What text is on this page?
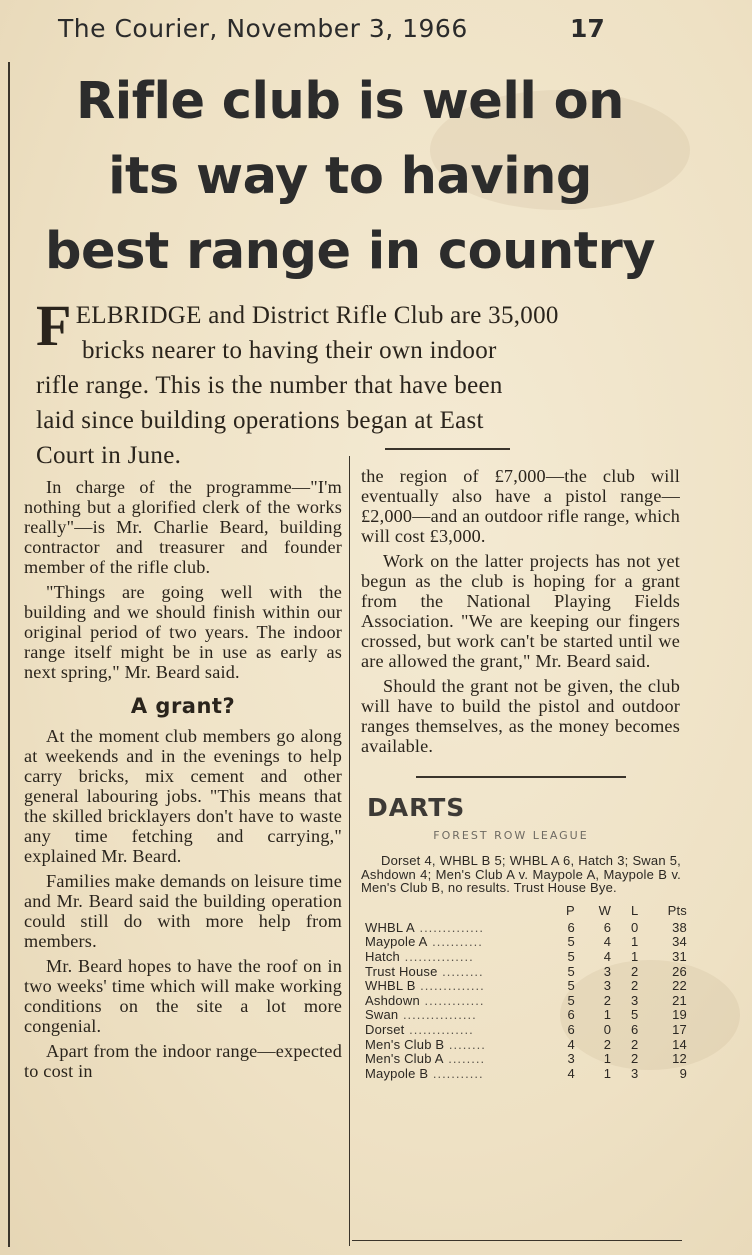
The Courier, November 3, 1966	17
Rifle club is well on
its way to having
best range in country
F ELBRIDGE and District Rifle Club are 35,000
bricks nearer to having their own indoor
rifle range. This is the number that have been
laid since building operations began at East
Court in June.

In charge of the programme—"I'm nothing but a glorified clerk of the works really"—is Mr. Charlie Beard, building contractor and treasurer and founder member of the rifle club.

"Things are going well with the building and we should finish within our original period of two years. The indoor range itself might be in use as early as next spring," Mr. Beard said.

A grant?

At the moment club members go along at weekends and in the evenings to help carry bricks, mix cement and other general labouring jobs. "This means that the skilled bricklayers don't have to waste any time fetching and carrying," explained Mr. Beard.

Families make demands on leisure time and Mr. Beard said the building operation could still do with more help from members.

Mr. Beard hopes to have the roof on in two weeks' time which will make working conditions on the site a lot more congenial.

Apart from the indoor range—expected to cost in

the region of £7,000—the club will eventually also have a pistol range—£2,000—and an outdoor rifle range, which will cost £3,000.

Work on the latter projects has not yet begun as the club is hoping for a grant from the National Playing Fields Association. "We are keeping our fingers crossed, but work can't be started until we are allowed the grant," Mr. Beard said.

Should the grant not be given, the club will have to build the pistol and outdoor ranges themselves, as the money becomes available.

DARTS
FOREST ROW LEAGUE
Dorset 4, WHBL B 5; WHBL A 6, Hatch 3; Swan 5, Ashdown 4; Men's Club A v. Maypole A, Maypole B v. Men's Club B, no results. Trust House Bye.
	P	W	L	Pts
WHBL A ..............	6	6	0	38
Maypole A ...........	5	4	1	34
Hatch ...............	5	4	1	31
Trust House .........	5	3	2	26
WHBL B ..............	5	3	2	22
Ashdown .............	5	2	3	21
Swan ................	6	1	5	19
Dorset ..............	6	0	6	17
Men's Club B ........	4	2	2	14
Men's Club A ........	3	1	2	12
Maypole B ...........	4	1	3	9
